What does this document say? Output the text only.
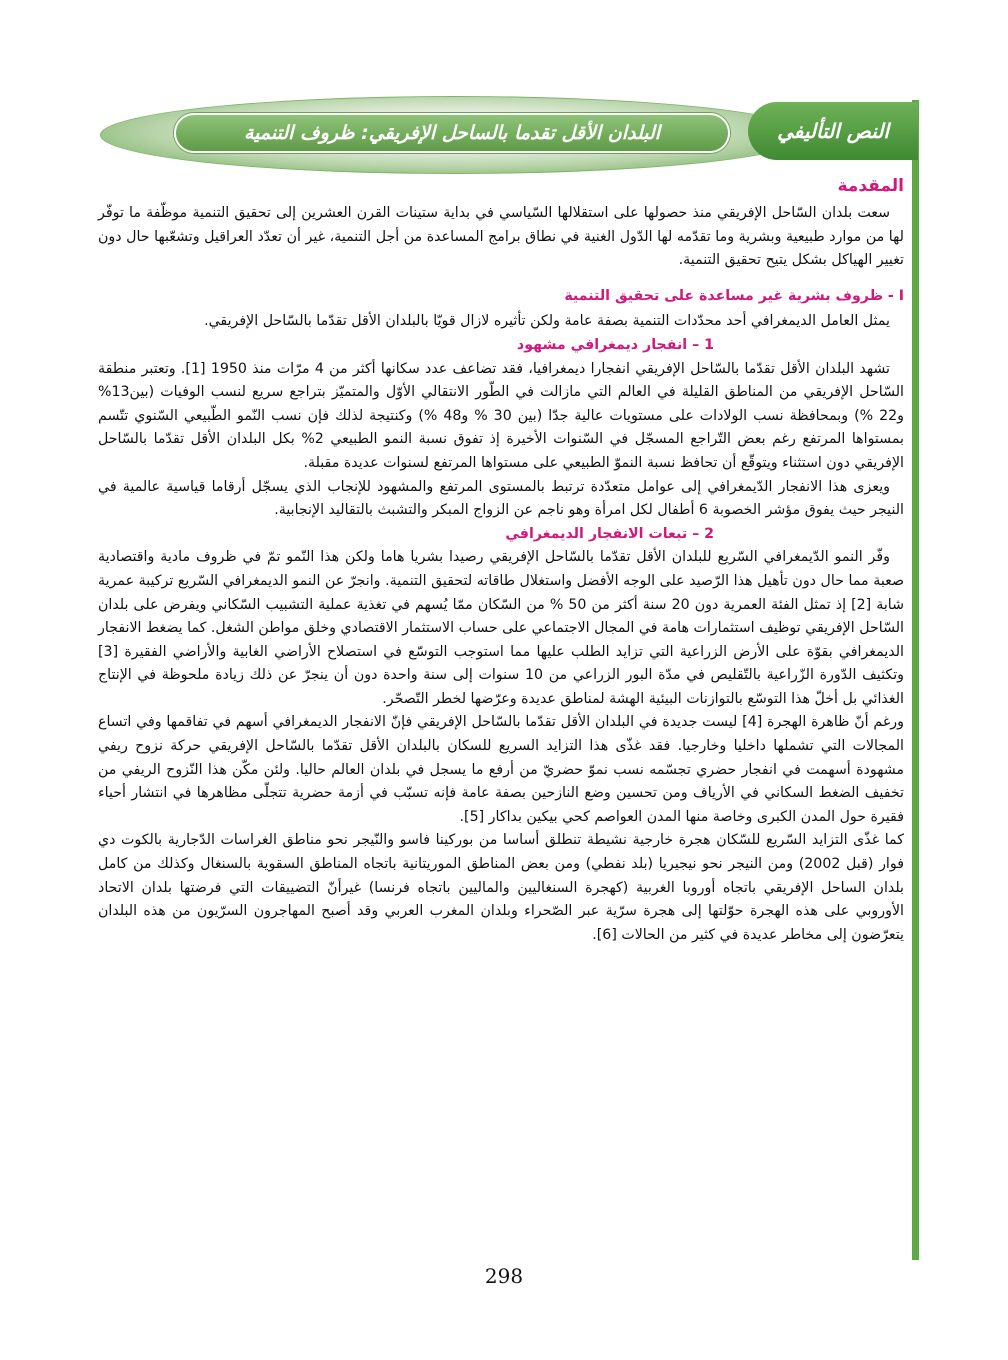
البلدان الأقل تقدما بالساحل الإفريقي: ظروف التنمية	النص التأليفي
المقدمة

سعت بلدان السّاحل الإفريقي منذ حصولها على استقلالها السّياسي في بداية ستينات القرن العشرين إلى تحقيق التنمية موظّفة ما توفّر لها من موارد طبيعية وبشرية وما تقدّمه لها الدّول الغنية في نطاق برامج المساعدة من أجل التنمية، غير أن تعدّد العراقيل وتشعّبها حال دون تغيير الهياكل بشكل يتيح تحقيق التنمية.

I - ظروف بشرية غير مساعدة على تحقيق التنمية

يمثل العامل الديمغرافي أحد محدّدات التنمية بصفة عامة ولكن تأثيره لازال قويّا بالبلدان الأقل تقدّما بالسّاحل الإفريقي.

1 – انفجار ديمغرافي مشهود

تشهد البلدان الأقل تقدّما بالسّاحل الإفريقي انفجارا ديمغرافيا، فقد تضاعف عدد سكانها أكثر من 4 مرّات منذ 1950 [1]. وتعتبر منطقة السّاحل الإفريقي من المناطق القليلة في العالم التي مازالت في الطّور الانتقالي الأوّل والمتميّز بتراجع سريع لنسب الوفيات (بين13% و22 %) وبمحافظة نسب الولادات على مستويات عالية جدّا (بين 30 % و48 %) وكنتيجة لذلك فإن نسب النّمو الطّبيعي السّنوي تتّسم بمستواها المرتفع رغم بعض التّراجع المسجّل في السّنوات الأخيرة إذ تفوق نسبة النمو الطبيعي 2% بكل البلدان الأقل تقدّما بالسّاحل الإفريقي دون استثناء ويتوقّع أن تحافظ نسبة النموّ الطبيعي على مستواها المرتفع لسنوات عديدة مقبلة.

ويعزى هذا الانفجار الدّيمغرافي إلى عوامل متعدّدة ترتبط بالمستوى المرتفع والمشهود للإنجاب الذي يسجّل أرقاما قياسية عالمية في النيجر حيث يفوق مؤشر الخصوبة 6 أطفال لكل امرأة وهو ناجم عن الزواج المبكر والتشبث بالتقاليد الإنجابية.

2 – تبعات الانفجار الديمغرافي

وفّر النمو الدّيمغرافي السّريع للبلدان الأقل تقدّما بالسّاحل الإفريقي رصيدا بشريا هاما ولكن هذا النّمو تمّ في ظروف مادية واقتصادية صعبة مما حال دون تأهيل هذا الرّصيد على الوجه الأفضل واستغلال طاقاته لتحقيق التنمية. وانجرّ عن النمو الديمغرافي السّريع تركيبة عمرية شابة [2] إذ تمثل الفئة العمرية دون 20 سنة أكثر من 50 % من السّكان ممّا يُسهم في تغذية عملية التشبيب السّكاني ويفرض على بلدان السّاحل الإفريقي توظيف استثمارات هامة في المجال الاجتماعي على حساب الاستثمار الاقتصادي وخلق مواطن الشغل. كما يضغط الانفجار الديمغرافي بقوّة على الأرض الزراعية التي تزايد الطلب عليها مما استوجب التوسّع في استصلاح الأراضي الغابية والأراضي الفقيرة [3] وتكثيف الدّورة الزّراعية بالتّقليص في مدّة البور الزراعي من 10 سنوات إلى سنة واحدة دون أن ينجرّ عن ذلك زيادة ملحوظة في الإنتاج الغذائي بل أخلّ هذا التوسّع بالتوازنات البيئية الهشة لمناطق عديدة وعرّضها لخطر التّصحّر.

ورغم أنّ ظاهرة الهجرة [4] ليست جديدة في البلدان الأقل تقدّما بالسّاحل الإفريقي فإنّ الانفجار الديمغرافي أسهم في تفاقمها وفي اتساع المجالات التي تشملها داخليا وخارجيا. فقد غذّى هذا التزايد السريع للسكان بالبلدان الأقل تقدّما بالسّاحل الإفريقي حركة نزوح ريفي مشهودة أسهمت في انفجار حضري تجسّمه نسب نموّ حضريّ من أرفع ما يسجل في بلدان العالم حاليا. ولئن مكّن هذا النّزوح الريفي من تخفيف الضغط السكاني في الأرياف ومن تحسين وضع النازحين بصفة عامة فإنه تسبّب في أزمة حضرية تتجلّى مظاهرها في انتشار أحياء فقيرة حول المدن الكبرى وخاصة منها المدن العواصم كحي بيكين بداكار [5].

كما غذّى التزايد السّريع للسّكان هجرة خارجية نشيطة تنطلق أساسا من بوركينا فاسو والنّيجر نحو مناطق الغراسات الدّجارية بالكوت دي فوار (قبل 2002) ومن النيجر نحو نيجيريا (بلد نفطي) ومن بعض المناطق الموريتانية باتجاه المناطق السقوية بالسنغال وكذلك من كامل بلدان الساحل الإفريقي باتجاه أوروبا الغربية (كهجرة السنغاليين والماليين باتجاه فرنسا) غيرأنّ التضييقات التي فرضتها بلدان الاتحاد الأوروبي على هذه الهجرة حوّلتها إلى هجرة سرّية عبر الصّحراء وبلدان المغرب العربي وقد أصبح المهاجرون السرّيون من هذه البلدان يتعرّضون إلى مخاطر عديدة في كثير من الحالات [6].

298
